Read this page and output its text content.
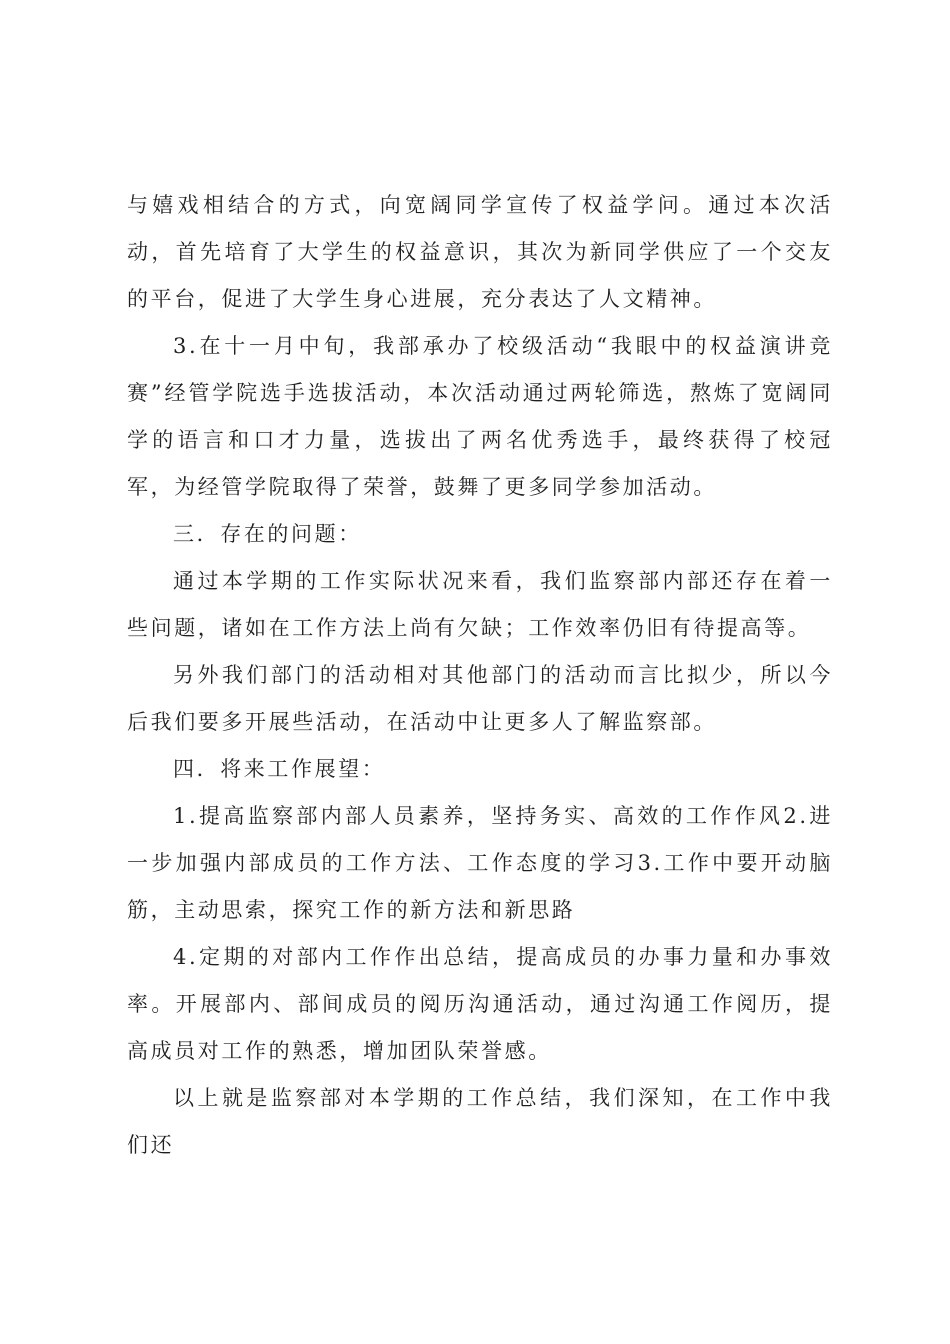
与嬉戏相结合的方式，向宽阔同学宣传了权益学问。通过本次活动，首先培育了大学生的权益意识，其次为新同学供应了一个交友的平台，促进了大学生身心进展，充分表达了人文精神。

3.在十一月中旬，我部承办了校级活动“我眼中的权益演讲竞赛”经管学院选手选拔活动，本次活动通过两轮筛选，熬炼了宽阔同学的语言和口才力量，选拔出了两名优秀选手，最终获得了校冠军，为经管学院取得了荣誉，鼓舞了更多同学参加活动。

三．存在的问题：

通过本学期的工作实际状况来看，我们监察部内部还存在着一些问题，诸如在工作方法上尚有欠缺；工作效率仍旧有待提高等。

另外我们部门的活动相对其他部门的活动而言比拟少，所以今后我们要多开展些活动，在活动中让更多人了解监察部。

四．将来工作展望：

1.提高监察部内部人员素养，坚持务实、高效的工作作风2.进一步加强内部成员的工作方法、工作态度的学习3.工作中要开动脑筋，主动思索，探究工作的新方法和新思路

4.定期的对部内工作作出总结，提高成员的办事力量和办事效率。开展部内、部间成员的阅历沟通活动，通过沟通工作阅历，提高成员对工作的熟悉，增加团队荣誉感。

以上就是监察部对本学期的工作总结，我们深知，在工作中我们还
